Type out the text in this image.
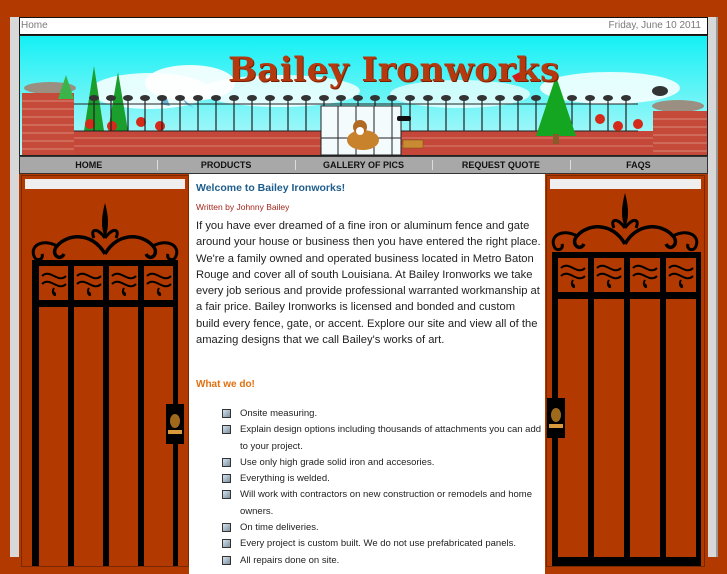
Home	Friday, June 10 2011
Bailey Ironworks
HOME	PRODUCTS	GALLERY OF PICS	REQUEST QUOTE	FAQS
Welcome to Bailey Ironworks!
Written by Johnny Bailey
If you have ever dreamed of a fine iron or aluminum fence and gate around your house or business then you have entered the right place. We're a family owned and operated business located in Metro Baton Rouge and cover all of south Louisiana. At Bailey Ironworks we take every job serious and provide professional warranted workmanship at a fair price. Bailey Ironworks is licensed and bonded and custom build every fence, gate, or accent. Explore our site and view all of the amazing designs that we call Bailey's works of art.
What we do!
Onsite measuring.
Explain design options including thousands of attachments you can add to your project.
Use only high grade solid iron and accesories.
Everything is welded.
Will work with contractors on new construction or remodels and home owners.
On time deliveries.
Every project is custom built. We do not use prefabricated panels.
All repairs done on site.
